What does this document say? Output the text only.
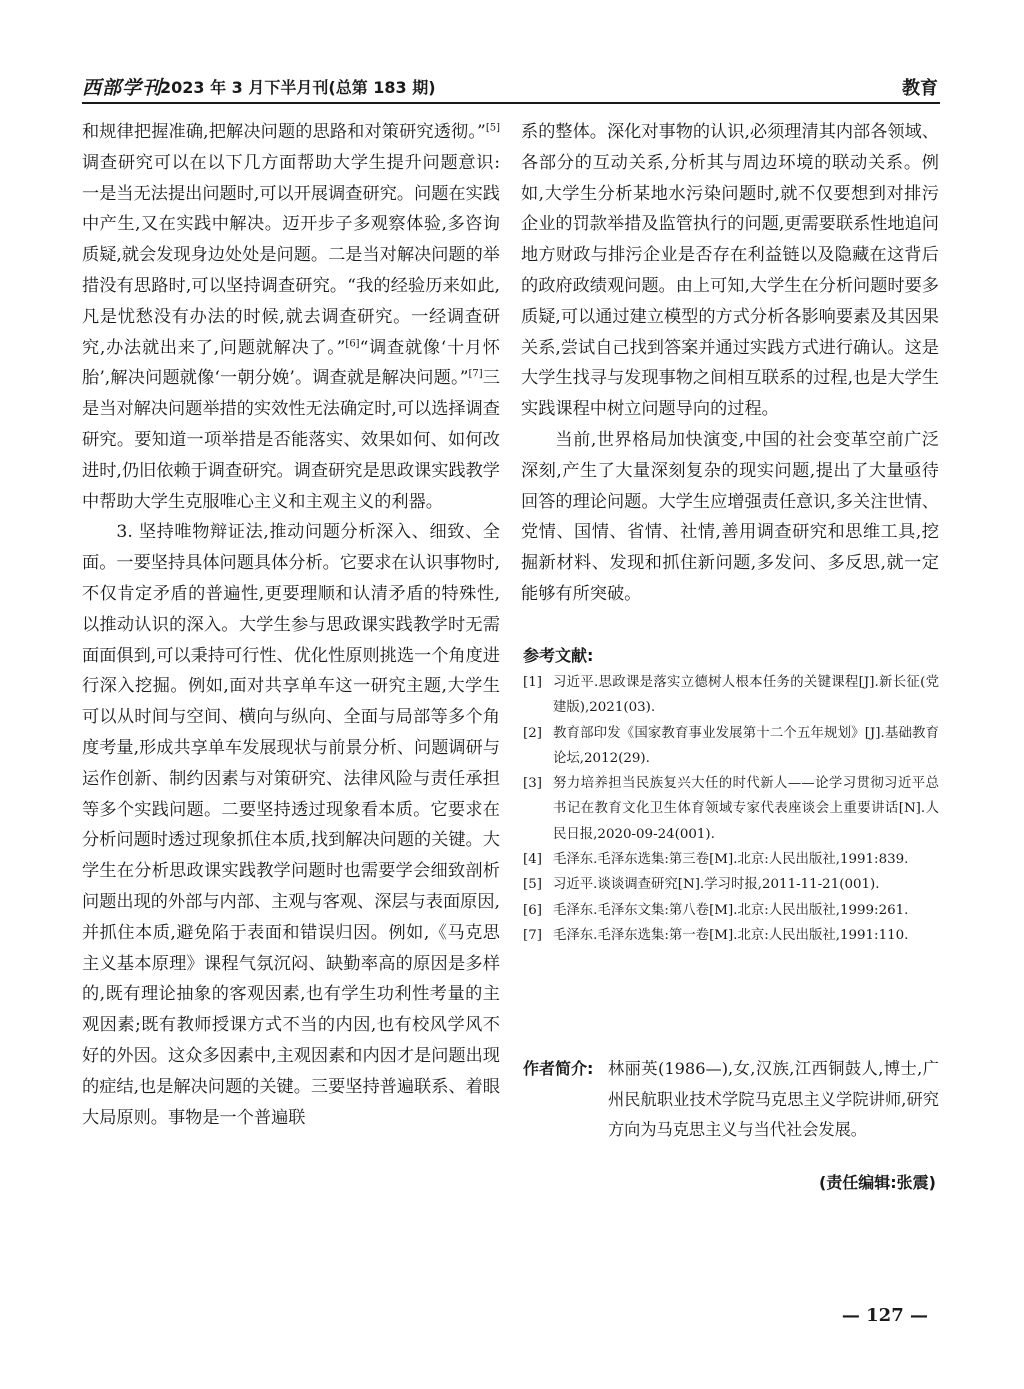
西部学刊
2023 年 3 月下半月刊(总第 183 期)	教育

和规律把握准确,把解决问题的思路和对策研究透彻。”[5]调查研究可以在以下几方面帮助大学生提升问题意识:一是当无法提出问题时,可以开展调查研究。问题在实践中产生,又在实践中解决。迈开步子多观察体验,多咨询质疑,就会发现身边处处是问题。二是当对解决问题的举措没有思路时,可以坚持调查研究。“我的经验历来如此,凡是忧愁没有办法的时候,就去调查研究。一经调查研究,办法就出来了,问题就解决了。”[6]“调查就像‘十月怀胎’,解决问题就像‘一朝分娩’。调查就是解决问题。”[7]三是当对解决问题举措的实效性无法确定时,可以选择调查研究。要知道一项举措是否能落实、效果如何、如何改进时,仍旧依赖于调查研究。调查研究是思政课实践教学中帮助大学生克服唯心主义和主观主义的利器。

3. 坚持唯物辩证法,推动问题分析深入、细致、全面。一要坚持具体问题具体分析。它要求在认识事物时,不仅肯定矛盾的普遍性,更要理顺和认清矛盾的特殊性,以推动认识的深入。大学生参与思政课实践教学时无需面面俱到,可以秉持可行性、优化性原则挑选一个角度进行深入挖掘。例如,面对共享单车这一研究主题,大学生可以从时间与空间、横向与纵向、全面与局部等多个角度考量,形成共享单车发展现状与前景分析、问题调研与运作创新、制约因素与对策研究、法律风险与责任承担等多个实践问题。二要坚持透过现象看本质。它要求在分析问题时透过现象抓住本质,找到解决问题的关键。大学生在分析思政课实践教学问题时也需要学会细致剖析问题出现的外部与内部、主观与客观、深层与表面原因,并抓住本质,避免陷于表面和错误归因。例如,《马克思主义基本原理》课程气氛沉闷、缺勤率高的原因是多样的,既有理论抽象的客观因素,也有学生功利性考量的主观因素;既有教师授课方式不当的内因,也有校风学风不好的外因。这众多因素中,主观因素和内因才是问题出现的症结,也是解决问题的关键。三要坚持普遍联系、着眼大局原则。事物是一个普遍联

系的整体。深化对事物的认识,必须理清其内部各领域、各部分的互动关系,分析其与周边环境的联动关系。例如,大学生分析某地水污染问题时,就不仅要想到对排污企业的罚款举措及监管执行的问题,更需要联系性地追问地方财政与排污企业是否存在利益链以及隐藏在这背后的政府政绩观问题。由上可知,大学生在分析问题时要多质疑,可以通过建立模型的方式分析各影响要素及其因果关系,尝试自己找到答案并通过实践方式进行确认。这是大学生找寻与发现事物之间相互联系的过程,也是大学生实践课程中树立问题导向的过程。

当前,世界格局加快演变,中国的社会变革空前广泛深刻,产生了大量深刻复杂的现实问题,提出了大量亟待回答的理论问题。大学生应增强责任意识,多关注世情、党情、国情、省情、社情,善用调查研究和思维工具,挖掘新材料、发现和抓住新问题,多发问、多反思,就一定能够有所突破。

参考文献:
[1] 习近平.思政课是落实立德树人根本任务的关键课程[J].新长征(党建版),2021(03).
[2] 教育部印发《国家教育事业发展第十二个五年规划》[J].基础教育论坛,2012(29).
[3] 努力培养担当民族复兴大任的时代新人——论学习贯彻习近平总书记在教育文化卫生体育领域专家代表座谈会上重要讲话[N].人民日报,2020-09-24(001).
[4] 毛泽东.毛泽东选集:第三卷[M].北京:人民出版社,1991:839.
[5] 习近平.谈谈调查研究[N].学习时报,2011-11-21(001).
[6] 毛泽东.毛泽东文集:第八卷[M].北京:人民出版社,1999:261.
[7] 毛泽东.毛泽东选集:第一卷[M].北京:人民出版社,1991:110.
作者简介: 林丽英(1986—),女,汉族,江西铜鼓人,博士,广州民航职业技术学院马克思主义学院讲师,研究方向为马克思主义与当代社会发展。
(责任编辑:张震)
— 127 —
